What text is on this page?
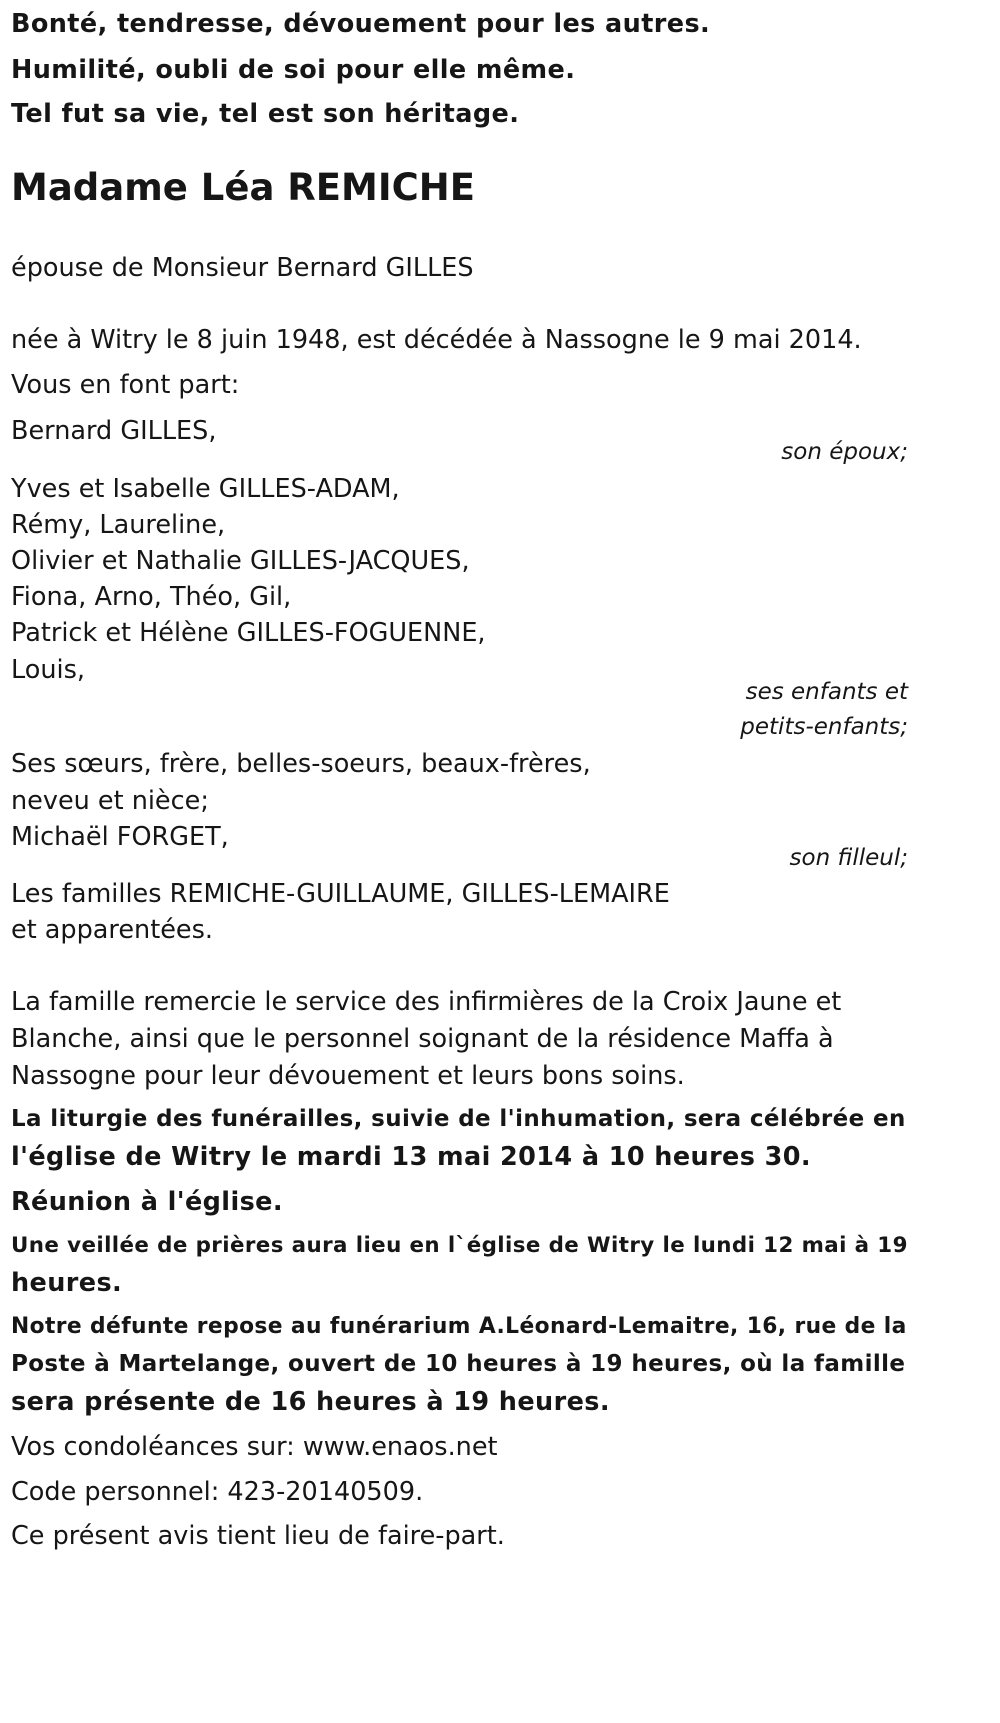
Bonté, tendresse, dévouement pour les autres.
Humilité, oubli de soi pour elle même.
Tel fut sa vie, tel est son héritage.
Madame Léa REMICHE
épouse de Monsieur Bernard GILLES
née à Witry le 8 juin 1948, est décédée à Nassogne le 9 mai 2014.
Vous en font part:
Bernard GILLES,
son époux;
Yves et Isabelle GILLES-ADAM,
Rémy, Laureline,
Olivier et Nathalie GILLES-JACQUES,
Fiona, Arno, Théo, Gil,
Patrick et Hélène GILLES-FOGUENNE,
Louis,
ses enfants et
petits-enfants;
Ses sœurs, frère, belles-soeurs, beaux-frères,
neveu et nièce;
Michaël FORGET,
son filleul;
Les familles REMICHE-GUILLAUME, GILLES-LEMAIRE
et apparentées.
La famille remercie le service des infirmières de la Croix Jaune et
Blanche, ainsi que le personnel soignant de la résidence Maffa à
Nassogne pour leur dévouement et leurs bons soins.
La liturgie des funérailles, suivie de l'inhumation, sera célébrée en
l'église de Witry le mardi 13 mai 2014 à 10 heures 30.
Réunion à l'église.
Une veillée de prières aura lieu en l`église de Witry le lundi 12 mai à 19
heures.
Notre défunte repose au funérarium A.Léonard-Lemaitre, 16, rue de la
Poste à Martelange, ouvert de 10 heures à 19 heures, où la famille
sera présente de 16 heures à 19 heures.
Vos condoléances sur: www.enaos.net
Code personnel: 423-20140509.
Ce présent avis tient lieu de faire-part.
